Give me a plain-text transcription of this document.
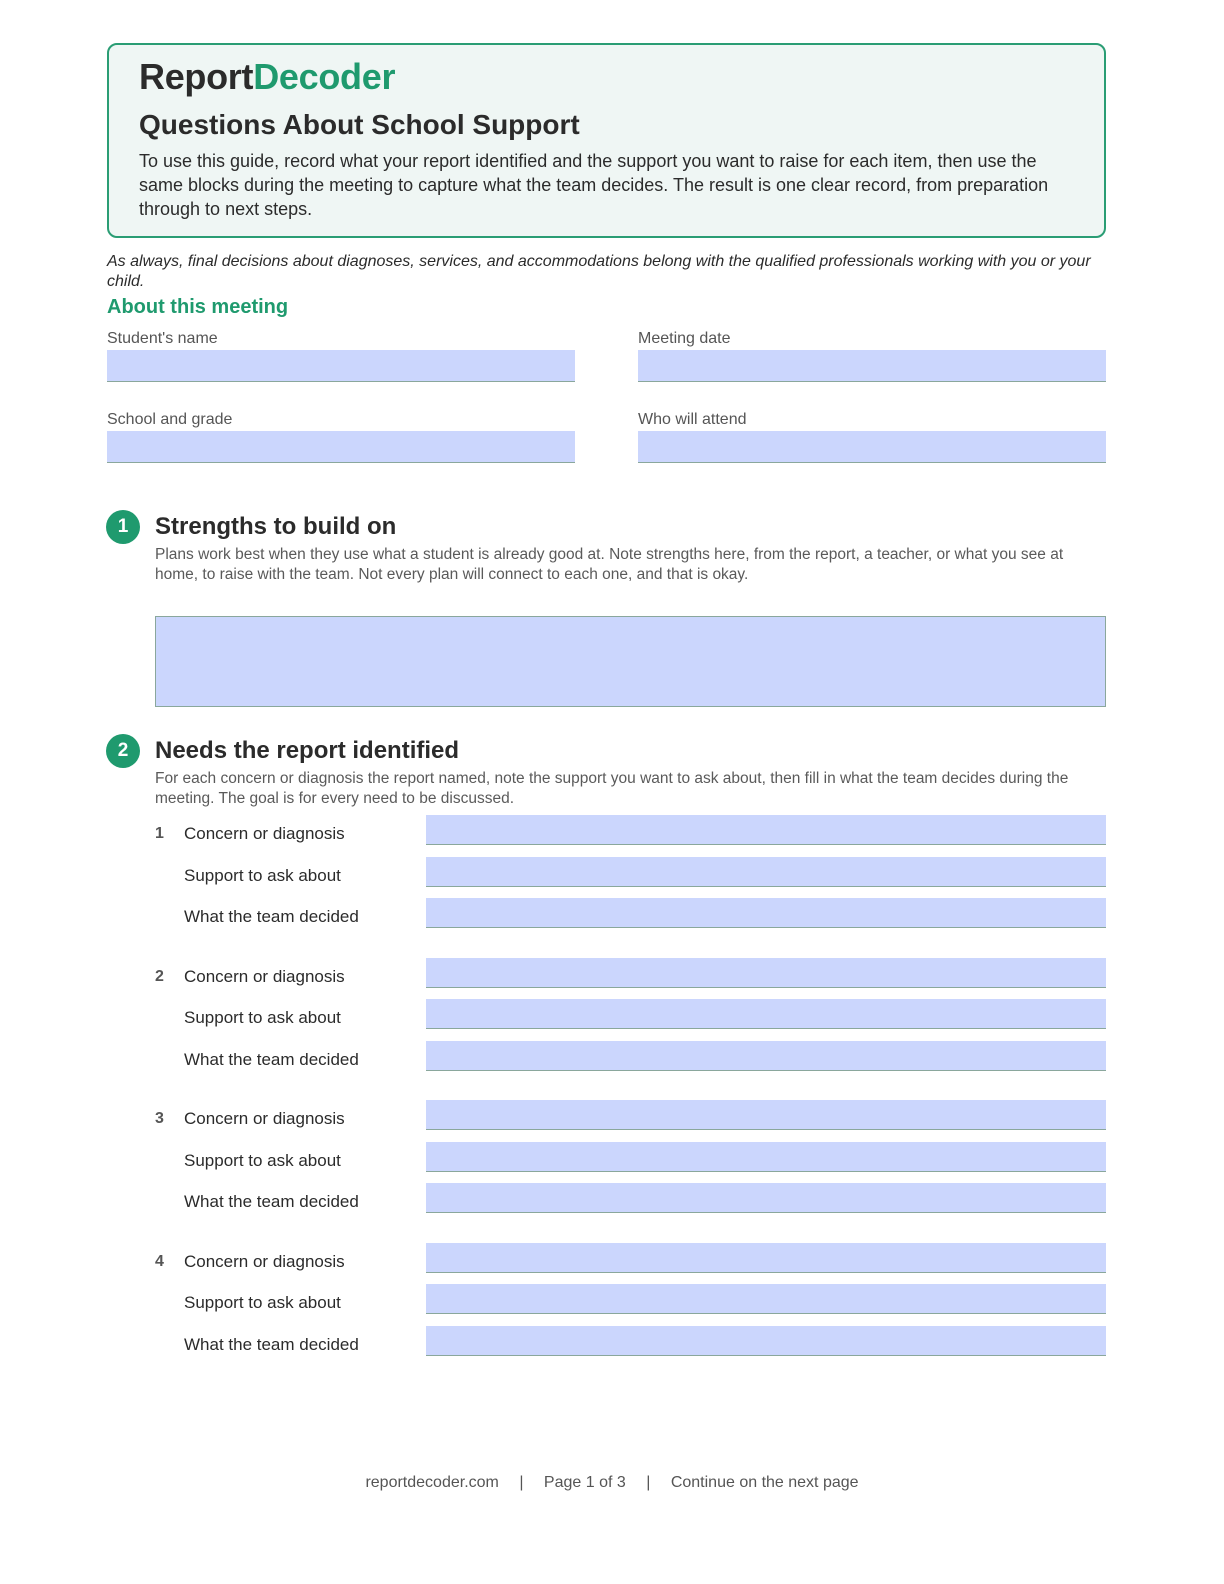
ReportDecoder
Questions About School Support
To use this guide, record what your report identified and the support you want to raise for each item, then use the same blocks during the meeting to capture what the team decides. The result is one clear record, from preparation through to next steps.
As always, final decisions about diagnoses, services, and accommodations belong with the qualified professionals working with you or your child.
About this meeting
Student's name	Meeting date
School and grade	Who will attend
1	Strengths to build on
Plans work best when they use what a student is already good at. Note strengths here, from the report, a teacher, or what you see at home, to raise with the team. Not every plan will connect to each one, and that is okay.
2	Needs the report identified
For each concern or diagnosis the report named, note the support you want to ask about, then fill in what the team decides during the meeting. The goal is for every need to be discussed.
1 Concern or diagnosis
Support to ask about
What the team decided
2 Concern or diagnosis
Support to ask about
What the team decided
3 Concern or diagnosis
Support to ask about
What the team decided
4 Concern or diagnosis
Support to ask about
What the team decided
reportdecoder.com | Page 1 of 3 | Continue on the next page
